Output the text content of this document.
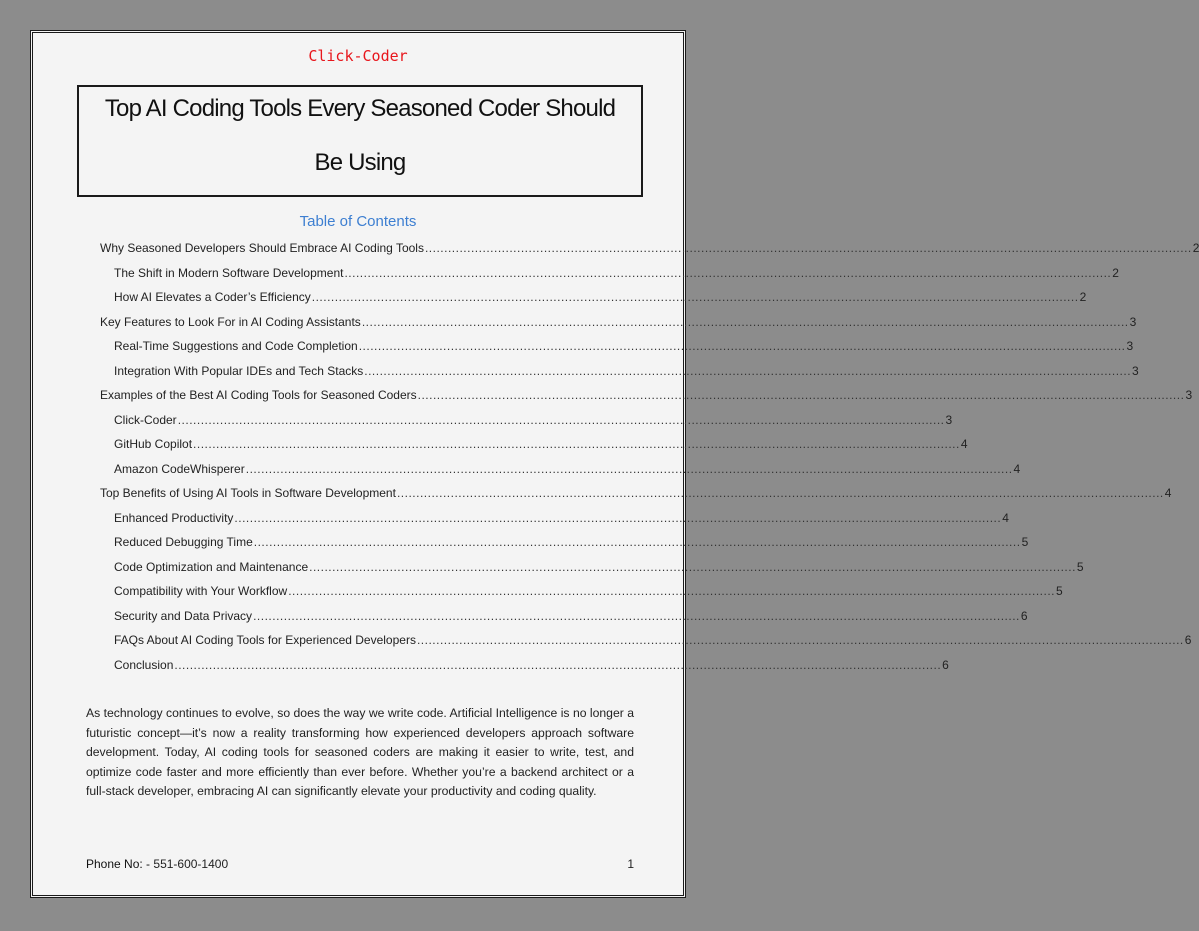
Click-Coder
Top AI Coding Tools Every Seasoned Coder Should
Be Using
Table of Contents
Why Seasoned Developers Should Embrace AI Coding Tools ........................................................................................................................................................................................................ 2
The Shift in Modern Software Development ........................................................................................................................................................................................................ 2
How AI Elevates a Coder’s Efficiency ........................................................................................................................................................................................................ 2
Key Features to Look For in AI Coding Assistants ........................................................................................................................................................................................................ 3
Real-Time Suggestions and Code Completion ........................................................................................................................................................................................................ 3
Integration With Popular IDEs and Tech Stacks ........................................................................................................................................................................................................ 3
Examples of the Best AI Coding Tools for Seasoned Coders ........................................................................................................................................................................................................ 3
Click-Coder ........................................................................................................................................................................................................ 3
GitHub Copilot ........................................................................................................................................................................................................ 4
Amazon CodeWhisperer ........................................................................................................................................................................................................ 4
Top Benefits of Using AI Tools in Software Development ........................................................................................................................................................................................................ 4
Enhanced Productivity ........................................................................................................................................................................................................ 4
Reduced Debugging Time ........................................................................................................................................................................................................ 5
Code Optimization and Maintenance ........................................................................................................................................................................................................ 5
Compatibility with Your Workflow ........................................................................................................................................................................................................ 5
Security and Data Privacy ........................................................................................................................................................................................................ 6
FAQs About AI Coding Tools for Experienced Developers ........................................................................................................................................................................................................ 6
Conclusion ........................................................................................................................................................................................................ 6

As technology continues to evolve, so does the way we write code. Artificial Intelligence is no longer a futuristic concept—it’s now a reality transforming how experienced developers approach software development. Today, AI coding tools for seasoned coders are making it easier to write, test, and optimize code faster and more efficiently than ever before. Whether you’re a backend architect or a full-stack developer, embracing AI can significantly elevate your productivity and coding quality.

Phone No: - 551-600-1400	1
